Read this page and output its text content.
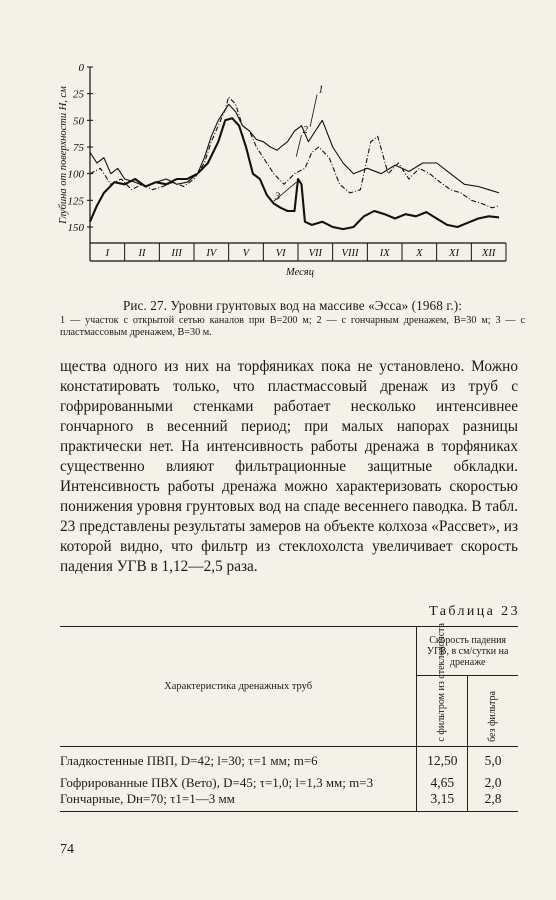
0
25
50
75
100
125
150
Глубина от поверхности H, см
I	II III IV	V	VI VII VIII IX	X	XI XII
Месяц
1
2
3
Рис. 27. Уровни грунтовых вод на массиве «Эсса» (1968 г.):
1 — участок с открытой сетью каналов при B=200 м; 2 — с гончарным дренажем, B=30 м; 3 — с пластмассовым дренажем, B=30 м.

щества одного из них на торфяниках пока не установлено. Можно констатировать только, что пластмассовый дренаж из труб с гофрированными стенками работает несколько интенсивнее гончарного в весенний период; при малых напорах разницы практически нет. На интенсивность работы дренажа в торфяниках существенно влияют фильтрационные защитные обкладки. Интенсивность работы дренажа можно характеризовать скоростью понижения уровня грунтовых вод на спаде весеннего паводка. В табл. 23 представлены результаты замеров на объекте колхоза «Рассвет», из которой видно, что фильтр из стеклохолста увеличивает скорость падения УГВ в 1,12—2,5 раза.

Таблица 23
Характеристика дренажных труб	Скорость падения УГВ, в см/сутки на дренаже	

	с фильтром из стеклохолста	без фильтра

Гладкостенные ПВП, D=42; l=30; τ=1 мм; m=6	12,50	5,0
Гофрированные ПВХ (Вето), D=45; τ=1,0; l=1,3 мм; m=3	4,65	2,0
Гончарные, Dн=70; τ1=1—3 мм	3,15	2,8
74
